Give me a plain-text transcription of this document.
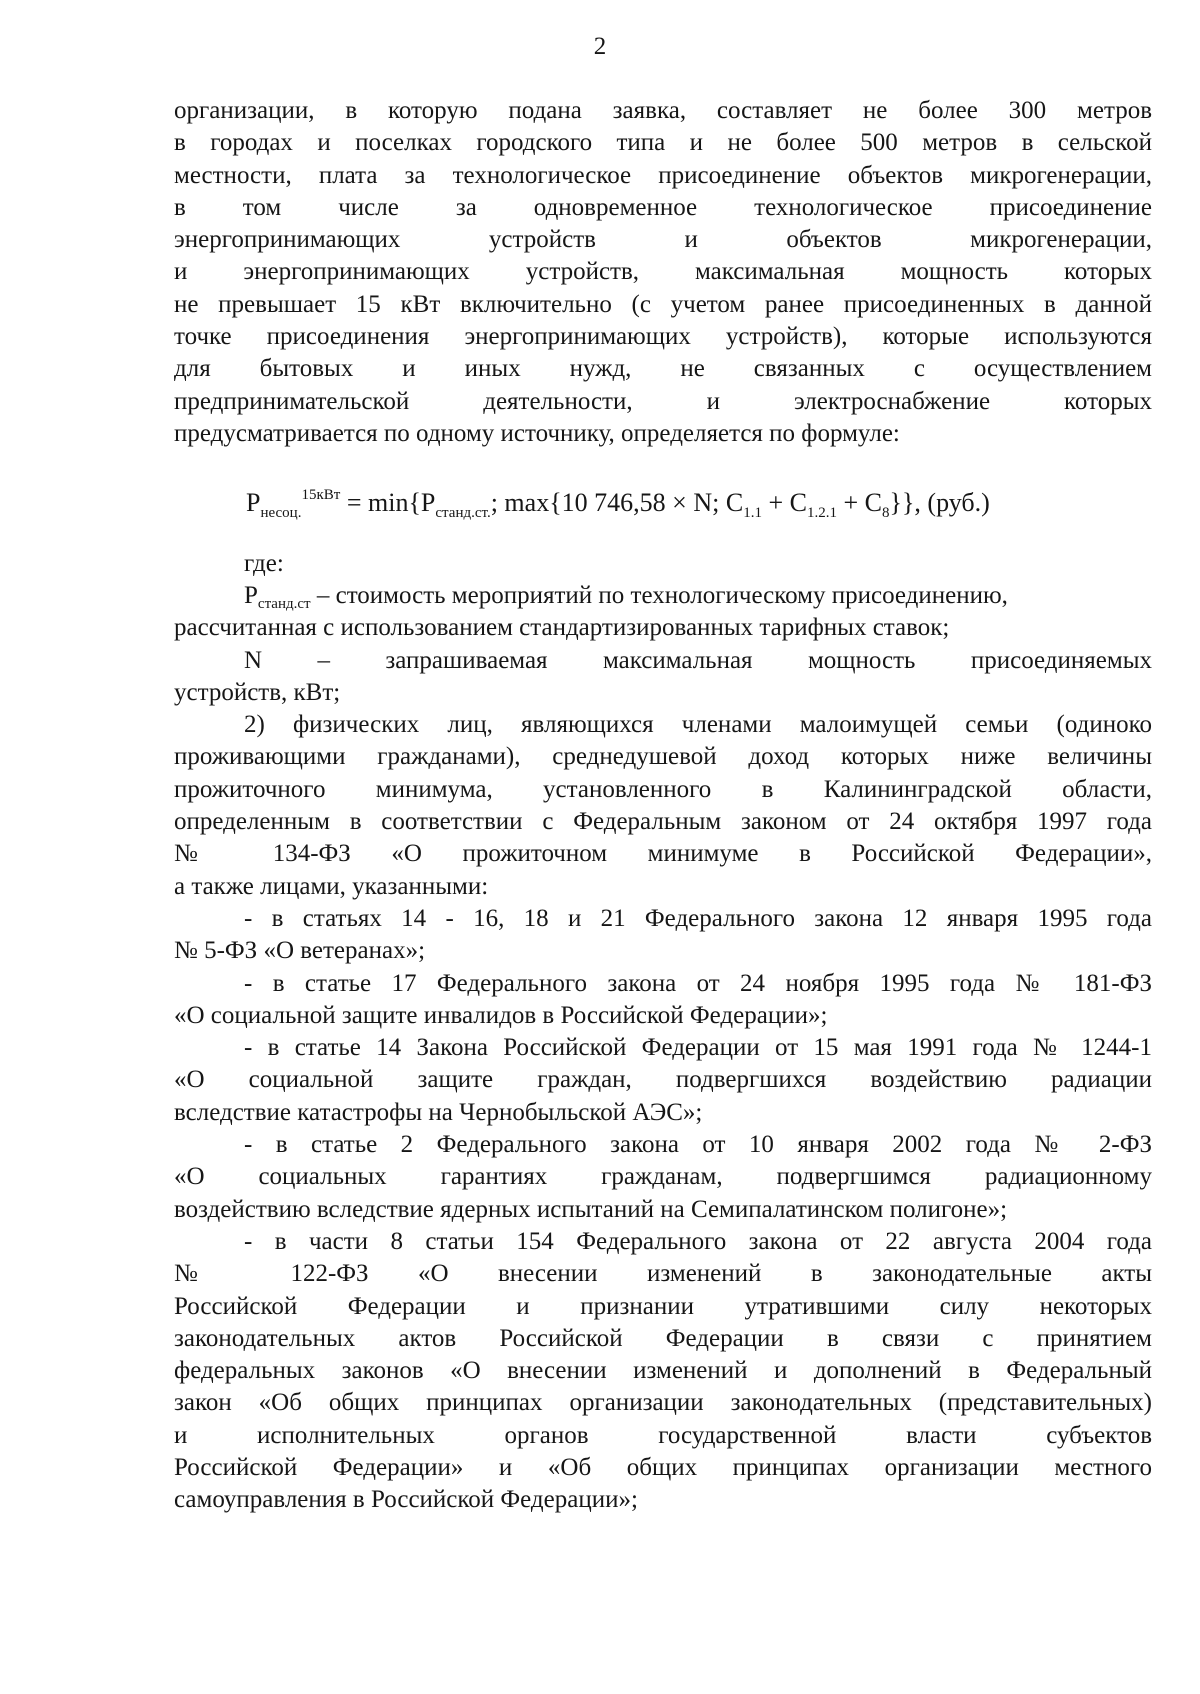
2
организации, в которую подана заявка, составляет не более 300 метров
в городах и поселках городского типа и не более 500 метров в сельской
местности, плата за технологическое присоединение объектов микрогенерации,
в том числе за одновременное технологическое присоединение
энергопринимающих устройств и объектов микрогенерации,
и энергопринимающих устройств, максимальная мощность которых
не превышает 15 кВт включительно (с учетом ранее присоединенных в данной
точке присоединения энергопринимающих устройств), которые используются
для бытовых и иных нужд, не связанных с осуществлением
предпринимательской деятельности, и электроснабжение которых
предусматривается по одному источнику, определяется по формуле:
$P_{несоц.}^{15кВт} = \min\{P_{станд.ст.}$; max{10 746,58 × N; $C_{1.1} + C_{1.2.1} + C_8$}}, (руб.)
где:
$P_{станд.ст}$ – стоимость мероприятий по технологическому присоединению,
рассчитанная с использованием стандартизированных тарифных ставок;
N – запрашиваемая максимальная мощность присоединяемых
устройств, кВт;
2) физических лиц, являющихся членами малоимущей семьи (одиноко
проживающими гражданами), среднедушевой доход которых ниже величины
прожиточного минимума, установленного в Калининградской области,
определенным в соответствии с Федеральным законом от 24 октября 1997 года
№ 134-ФЗ «О прожиточном минимуме в Российской Федерации»,
а также лицами, указанными:
- в статьях 14 - 16, 18 и 21 Федерального закона 12 января 1995 года
№ 5-ФЗ «О ветеранах»;
- в статье 17 Федерального закона от 24 ноября 1995 года № 181-ФЗ
«О социальной защите инвалидов в Российской Федерации»;
- в статье 14 Закона Российской Федерации от 15 мая 1991 года № 1244-1
«О социальной защите граждан, подвергшихся воздействию радиации
вследствие катастрофы на Чернобыльской АЭС»;
- в статье 2 Федерального закона от 10 января 2002 года № 2-ФЗ
«О социальных гарантиях гражданам, подвергшимся радиационному
воздействию вследствие ядерных испытаний на Семипалатинском полигоне»;
- в части 8 статьи 154 Федерального закона от 22 августа 2004 года
№ 122-ФЗ «О внесении изменений в законодательные акты
Российской Федерации и признании утратившими силу некоторых
законодательных актов Российской Федерации в связи с принятием
федеральных законов «О внесении изменений и дополнений в Федеральный
закон «Об общих принципах организации законодательных (представительных)
и исполнительных органов государственной власти субъектов
Российской Федерации» и «Об общих принципах организации местного
самоуправления в Российской Федерации»;
